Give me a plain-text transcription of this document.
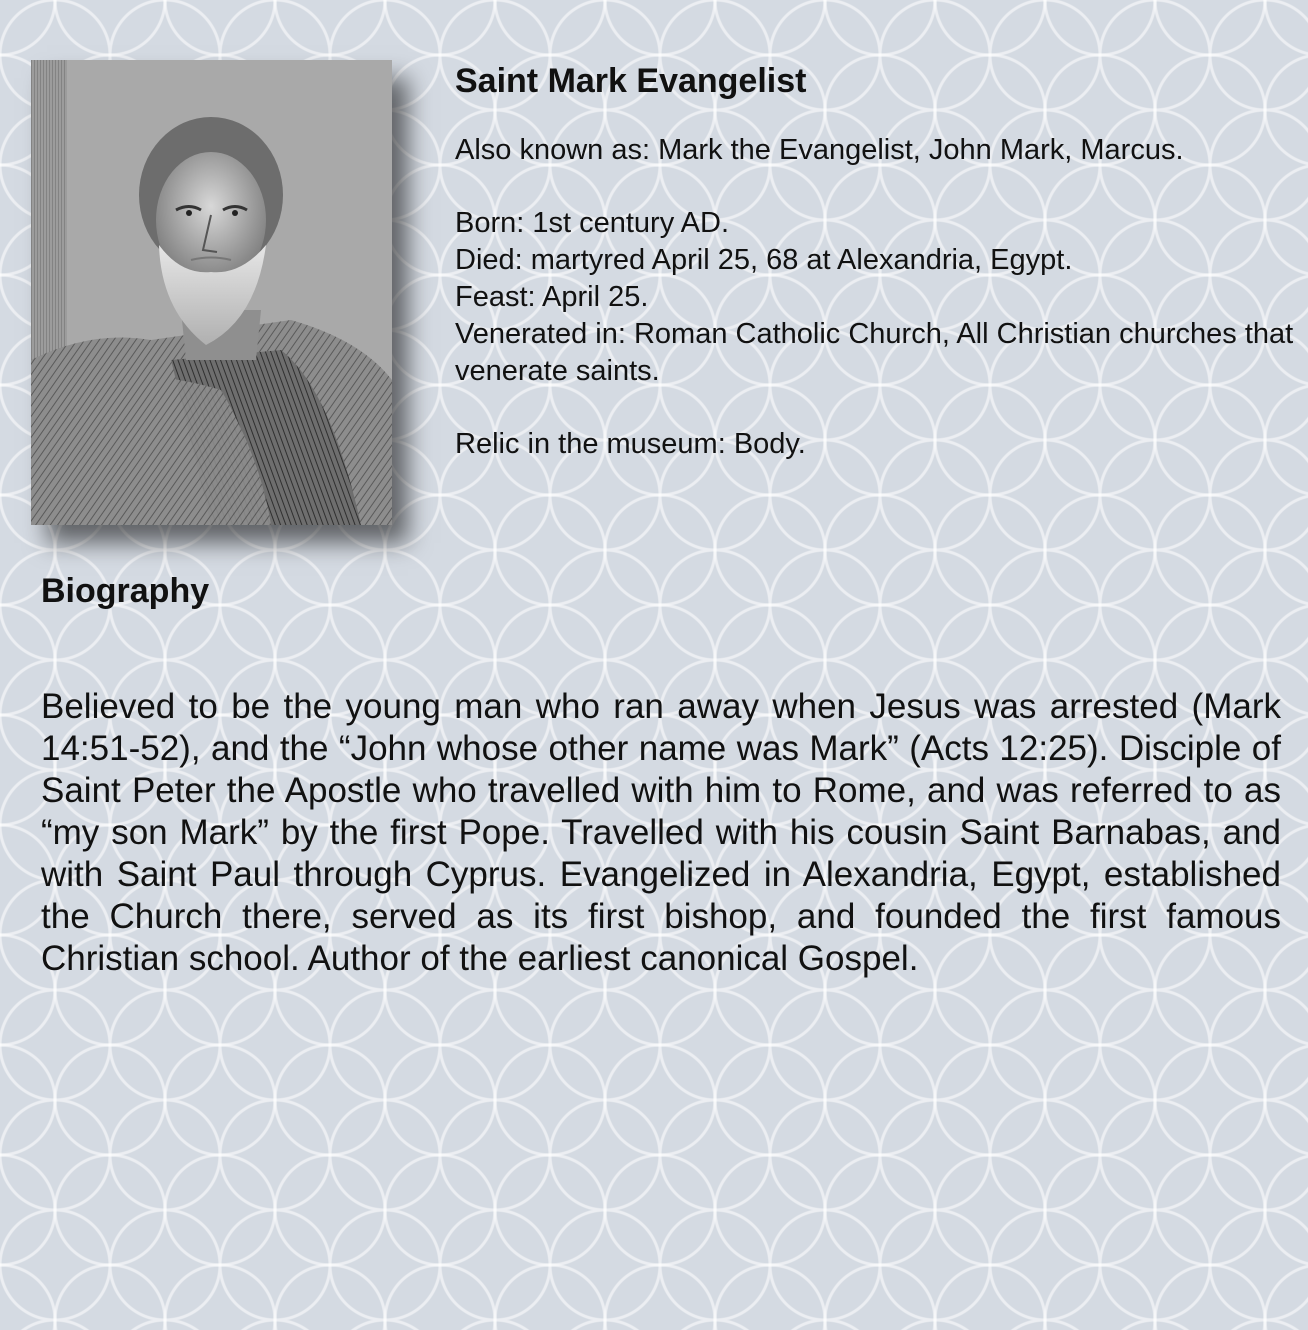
Saint Mark Evangelist

Also known as: Mark the Evangelist, John Mark, Marcus.

Born: 1st century AD.

Died: martyred April 25, 68 at Alexandria, Egypt.

Feast: April 25.

Venerated in: Roman Catholic Church, All Christian churches that venerate saints.

Relic in the museum: Body.

Biography

Believed to be the young man who ran away when Jesus was arrested (Mark 14:51-52), and the “John whose other name was Mark” (Acts 12:25). Disciple of Saint Peter the Apostle who travelled with him to Rome, and was referred to as “my son Mark” by the first Pope. Travelled with his cousin Saint Barnabas, and with Saint Paul through Cyprus. Evangelized in Alexandria, Egypt, established the Church there, served as its first bishop, and founded the first famous Christian school. Author of the earliest canonical Gospel.
